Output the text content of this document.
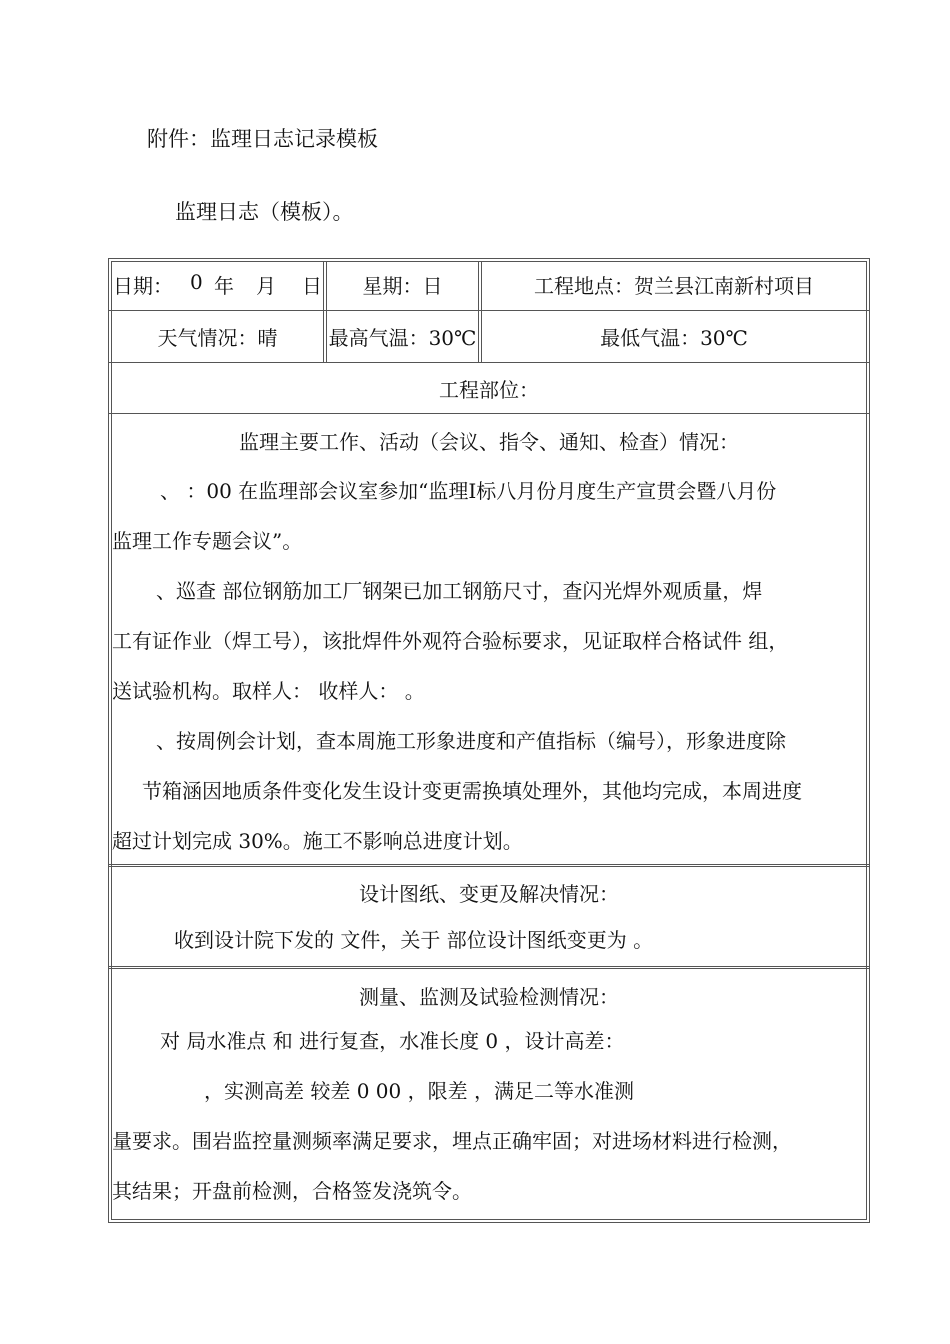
附件：监理日志记录模板
监理日志（模板）。
日期： 0 年 月 日	星期：日	工程地点：贺兰县江南新村项目
天气情况：晴	最高气温：30℃	最低气温：30℃
工程部位：
监理主要工作、活动（会议、指令、通知、检查）情况：
、 ：00 在监理部会议室参加“监理Ⅰ标八月份月度生产宣贯会暨八月份
监理工作专题会议”。
、巡查 部位钢筋加工厂钢架已加工钢筋尺寸，查闪光焊外观质量，焊
工有证作业（焊工号），该批焊件外观符合验标要求，见证取样合格试件 组，
送试验机构。取样人： 收样人： 。
、按周例会计划，查本周施工形象进度和产值指标（编号），形象进度除
节箱涵因地质条件变化发生设计变更需换填处理外，其他均完成，本周进度
超过计划完成 30%。施工不影响总进度计划。
设计图纸、变更及解决情况：
收到设计院下发的 文件，关于 部位设计图纸变更为 。
测量、监测及试验检测情况：
对 局水准点 和 进行复查，水准长度 0 ，设计高差：
，实测高差 较差 0 00 ，限差 ，满足二等水准测
量要求。围岩监控量测频率满足要求，埋点正确牢固；对进场材料进行检测，
其结果；开盘前检测，合格签发浇筑令。
